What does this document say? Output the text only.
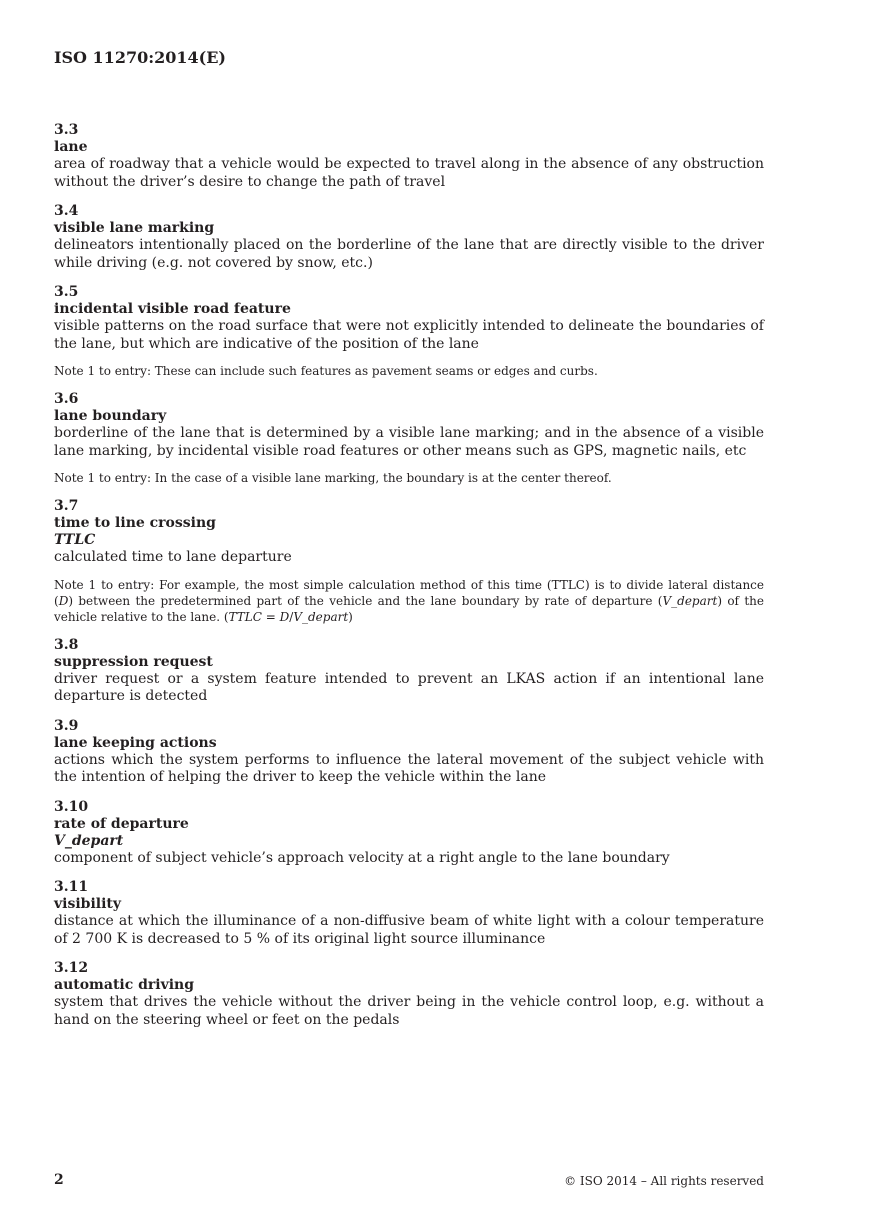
ISO 11270:2014(E)
3.3
lane
area of roadway that a vehicle would be expected to travel along in the absence of any obstruction without the driver’s desire to change the path of travel
3.4
visible lane marking
delineators intentionally placed on the borderline of the lane that are directly visible to the driver while driving (e.g. not covered by snow, etc.)
3.5
incidental visible road feature
visible patterns on the road surface that were not explicitly intended to delineate the boundaries of the lane, but which are indicative of the position of the lane
Note 1 to entry: These can include such features as pavement seams or edges and curbs.
3.6
lane boundary
borderline of the lane that is determined by a visible lane marking; and in the absence of a visible lane marking, by incidental visible road features or other means such as GPS, magnetic nails, etc
Note 1 to entry: In the case of a visible lane marking, the boundary is at the center thereof.
3.7
time to line crossing
TTLC
calculated time to lane departure
Note 1 to entry: For example, the most simple calculation method of this time (TTLC) is to divide lateral distance (D) between the predetermined part of the vehicle and the lane boundary by rate of departure (V_depart) of the vehicle relative to the lane. (TTLC = D/V_depart)
3.8
suppression request
driver request or a system feature intended to prevent an LKAS action if an intentional lane departure is detected
3.9
lane keeping actions
actions which the system performs to influence the lateral movement of the subject vehicle with the intention of helping the driver to keep the vehicle within the lane
3.10
rate of departure
V_depart
component of subject vehicle’s approach velocity at a right angle to the lane boundary
3.11
visibility
distance at which the illuminance of a non-diffusive beam of white light with a colour temperature of 2 700 K is decreased to 5 % of its original light source illuminance
3.12
automatic driving
system that drives the vehicle without the driver being in the vehicle control loop, e.g. without a hand on the steering wheel or feet on the pedals
2	© ISO 2014 – All rights reserved
